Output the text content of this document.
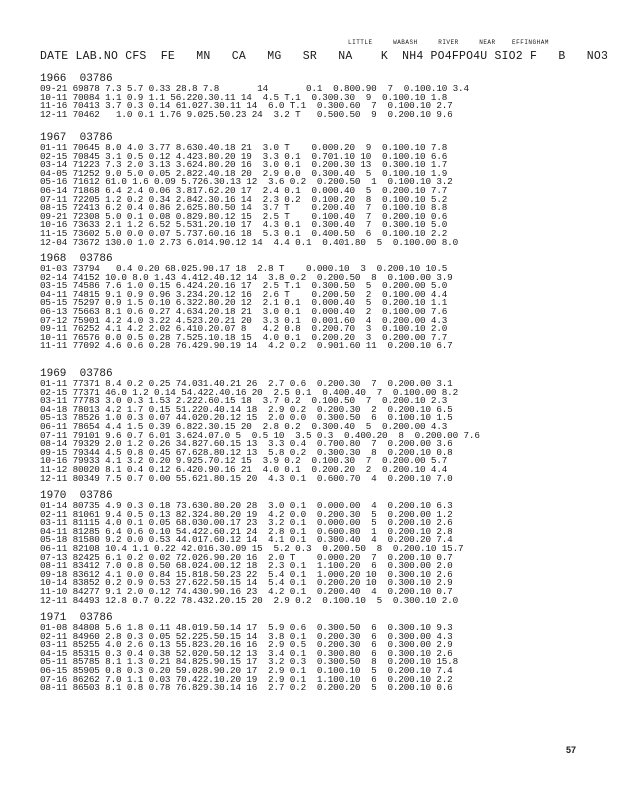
LITTLE     WABASH     RIVER     NEAR    EFFINGHAM
DATE LAB.NO CFS  FE   MN   CA   MG   SR   NA    K  NH4 PO4FPO4U SIO2 F   B   NO3
1966  03786
09-21 69878 7.3 5.7 0.33 28.8 7.8       14       0.1  0.800.90  7  0.100.10 3.4
10-11 70084 1.1 0.9 1.1 56.220.30.11 14  4.5 T.1  0.300.30  9  0.100.10 1.8
11-16 70413 3.7 0.3 0.14 61.027.30.11 14  6.0 T.1  0.300.60  7  0.100.10 2.7
12-11 70462   1.0 0.1 1.76 9.025.50.23 24  3.2 T   0.500.50  9  0.200.10 9.6
1967  03786
01-11 70645 8.0 4.0 3.77 8.630.40.18 21  3.0 T    0.000.20  9  0.100.10 7.8
02-15 70845 3.1 0.5 0.12 4.423.80.20 19  3.3 0.1  0.701.10 10  0.100.10 6.6
03-14 71223 7.3 2.0 3.13 3.624.80.20 16  3.0 0.1  0.200.30 13  0.300.10 1.7
04-05 71252 9.0 5.0 0.05 2.822.40.18 20  2.9 0.0  0.300.40  5  0.100.10 1.9
05-16 71612 61.0 1.6 0.09 5.726.30.13 12  3.6 0.2  0.200.50  1  0.100.10 3.2
06-14 71868 6.4 2.4 0.06 3.817.62.20 17  2.4 0.1  0.000.40  5  0.200.10 7.7
07-11 72205 1.2 0.2 0.34 2.842.30.16 14  2.3 0.2  0.100.20  8  0.100.10 5.2
08-15 72413 6.2 0.4 0.86 2.625.80.50 14  3.7 T    0.200.40  7  0.100.10 8.8
09-21 72308 5.0 0.1 0.08 0.829.80.12 15  2.5 T    0.100.40  7  0.200.10 0.6
10-16 73633 2.1 1.2 6.52 5.531.20.10 17  4.3 0.1  0.300.40  7  0.300.10 5.0
11-15 73602 5.0 0.0 0.07 5.737.60.16 18  5.3 0.1  0.400.50  6  0.100.10 2.2
12-04 73672 130.0 1.0 2.73 6.014.90.12 14  4.4 0.1  0.401.80  5  0.100.00 8.0
1968  03786
01-03 73794   0.4 0.20 68.025.90.17 18  2.8 T    0.000.10  3  0.200.10 10.5
02-14 74152 10.0 8.0 1.43 4.412.40.12 14  3.8 0.2  0.200.50  8  0.100.00 3.9
03-15 74586 7.6 1.0 0.15 6.424.20.16 17  2.5 T.1  0.300.50  5  0.200.00 5.0
04-11 74815 9.1 0.9 0.96 3.234.20.12 16  2.6 T    0.200.50  2  0.100.00 4.4
05-15 75297 0.9 1.5 0.10 6.322.80.20 12  2.1 0.1  0.000.40  5  0.200.10 1.1
06-13 75663 8.1 0.6 0.27 4.634.20.18 21  3.0 0.1  0.000.40  2  0.100.00 7.6
07-12 75901 4.2 4.0 3.22 4.523.20.21 20  3.3 0.1  0.001.60  4  0.200.00 4.3
09-11 76252 4.1 4.2 2.02 6.410.20.07 8   4.2 0.8  0.200.70  3  0.100.10 2.0
10-11 76576 0.0 0.5 0.28 7.525.10.18 15  4.0 0.1  0.200.20  3  0.200.00 7.7
11-11 77092 4.6 0.6 0.28 76.429.90.19 14  4.2 0.2  0.901.60 11  0.200.10 6.7
1969  03786
01-11 77371 8.4 0.2 0.25 74.031.40.21 26  2.7 0.6  0.200.30  7  0.200.00 3.1
02-15 77371 46.0 1.2 0.14 54.422.40.16 20  2.5 0.1  0.400.40  7  0.100.00 8.2
03-11 77783 3.0 0.3 1.53 2.222.60.15 18  3.7 0.2  0.100.50  7  0.200.10 2.3
04-18 78013 4.2 1.7 0.15 51.220.40.14 18  2.9 0.2  0.200.30  2  0.200.10 6.5
05-13 78526 1.0 0.3 0.07 44.020.20.12 15  2.0 0.0  0.300.50  6  0.100.10 1.5
06-11 78654 4.4 1.5 0.39 6.822.30.15 20  2.8 0.2  0.300.40  5  0.200.00 4.3
07-11 79101 9.6 0.7 6.01 3.624.07.0 5  0.5 10  3.5 0.3  0.400.20  8  0.200.00 7.6
08-14 79329 2.0 1.2 0.26 34.827.60.15 13  3.3 0.4  0.700.80  7  0.200.00 3.6
09-15 79344 4.5 0.8 0.45 67.628.80.12 13  5.8 0.2  0.300.30  8  0.200.10 0.8
10-16 79933 4.1 3.2 0.20 9.925.70.12 15  3.9 0.2  0.100.30  7  0.200.00 5.7
11-12 80020 8.1 0.4 0.12 6.420.90.16 21  4.0 0.1  0.200.20  2  0.200.10 4.4
12-11 80349 7.5 0.7 0.00 55.621.80.15 20  4.3 0.1  0.600.70  4  0.200.10 7.0
1970  03786
01-14 80735 4.9 0.3 0.18 73.630.80.20 28  3.0 0.1  0.000.00  4  0.200.10 6.3
02-11 81061 9.4 0.5 0.13 82.324.80.20 19  4.2 0.0  0.200.30  5  0.200.00 1.2
03-11 81115 4.0 0.1 0.05 68.030.00.17 23  3.2 0.1  0.000.00  5  0.200.10 2.6
04-11 81285 6.4 0.6 0.10 54.422.60.21 24  2.8 0.1  0.600.80  1  0.200.10 2.8
05-18 81580 9.2 0.0 0.53 44.017.60.12 14  4.1 0.1  0.300.40  4  0.200.20 7.4
06-11 82108 10.4 1.1 0.22 42.016.30.09 15  5.2 0.3  0.200.50  8  0.200.10 15.7
07-13 82425 6.1 0.2 0.02 72.026.90.20 16  2.0 T    0.000.20  7  0.200.10 0.7
08-11 83412 7.0 0.8 0.50 68.024.00.12 18  2.3 0.1  1.100.20  6  0.300.00 2.0
09-18 83612 4.1 0.0 0.84 15.818.50.23 22  5.4 0.1  1.000.20 10  0.300.10 2.6
10-14 83852 0.2 0.9 0.53 27.622.50.15 14  5.4 0.1  0.200.20 10  0.300.10 2.9
11-10 84277 9.1 2.0 0.12 74.430.90.16 23  4.2 0.1  0.200.40  4  0.200.10 0.7
12-11 84493 12.8 0.7 0.22 78.432.20.15 20  2.9 0.2  0.100.10  5  0.300.10 2.0
1971  03786
01-08 84808 5.6 1.8 0.11 48.019.50.14 17  5.9 0.6  0.300.50  6  0.300.10 9.3
02-11 84960 2.8 0.3 0.05 52.225.50.15 14  3.8 0.1  0.200.30  6  0.300.00 4.3
03-11 85255 4.0 2.6 0.13 55.823.20.16 16  2.9 0.5  0.200.30  6  0.300.00 2.9
04-15 85315 0.3 0.4 0.38 52.020.50.12 13  3.4 0.1  0.300.80  6  0.300.10 2.6
05-11 85785 8.1 1.3 0.21 84.825.90.15 17  3.2 0.3  0.300.50  8  0.200.10 15.8
06-15 85905 0.8 0.3 0.20 59.028.90.20 17  2.9 0.1  0.100.10  5  0.200.10 7.4
07-16 86262 7.0 1.1 0.03 70.422.10.20 19  2.9 0.1  1.100.10  6  0.200.10 2.2
08-11 86503 8.1 0.8 0.78 76.829.30.14 16  2.7 0.2  0.200.20  5  0.200.10 0.6
57
